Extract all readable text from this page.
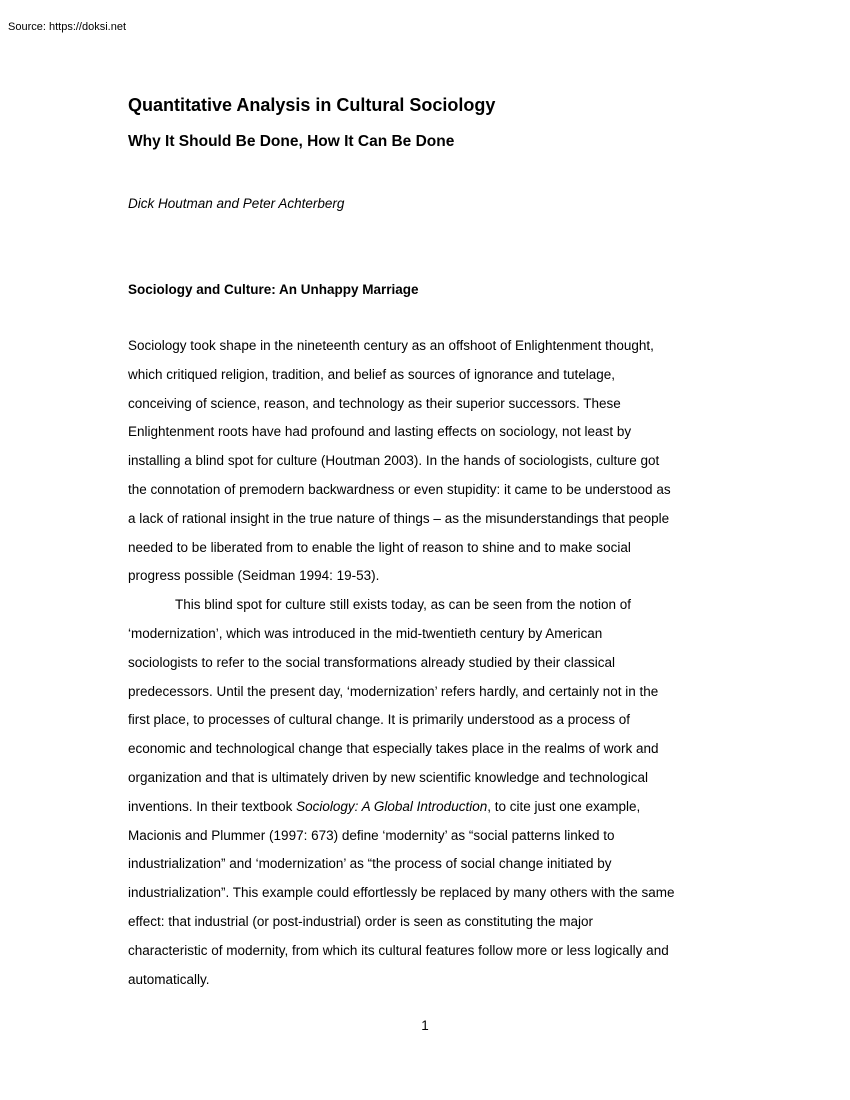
Source: https://doksi.net
Quantitative Analysis in Cultural Sociology
Why It Should Be Done, How It Can Be Done
Dick Houtman and Peter Achterberg
Sociology and Culture: An Unhappy Marriage
Sociology took shape in the nineteenth century as an offshoot of Enlightenment thought,
which critiqued religion, tradition, and belief as sources of ignorance and tutelage,
conceiving of science, reason, and technology as their superior successors. These
Enlightenment roots have had profound and lasting effects on sociology, not least by
installing a blind spot for culture (Houtman 2003). In the hands of sociologists, culture got
the connotation of premodern backwardness or even stupidity: it came to be understood as
a lack of rational insight in the true nature of things – as the misunderstandings that people
needed to be liberated from to enable the light of reason to shine and to make social
progress possible (Seidman 1994: 19-53).
This blind spot for culture still exists today, as can be seen from the notion of
‘modernization’, which was introduced in the mid-twentieth century by American
sociologists to refer to the social transformations already studied by their classical
predecessors. Until the present day, ‘modernization’ refers hardly, and certainly not in the
first place, to processes of cultural change. It is primarily understood as a process of
economic and technological change that especially takes place in the realms of work and
organization and that is ultimately driven by new scientific knowledge and technological
inventions. In their textbook Sociology: A Global Introduction, to cite just one example,
Macionis and Plummer (1997: 673) define ‘modernity’ as “social patterns linked to
industrialization” and ‘modernization’ as “the process of social change initiated by
industrialization”. This example could effortlessly be replaced by many others with the same
effect: that industrial (or post-industrial) order is seen as constituting the major
characteristic of modernity, from which its cultural features follow more or less logically and
automatically.
1
